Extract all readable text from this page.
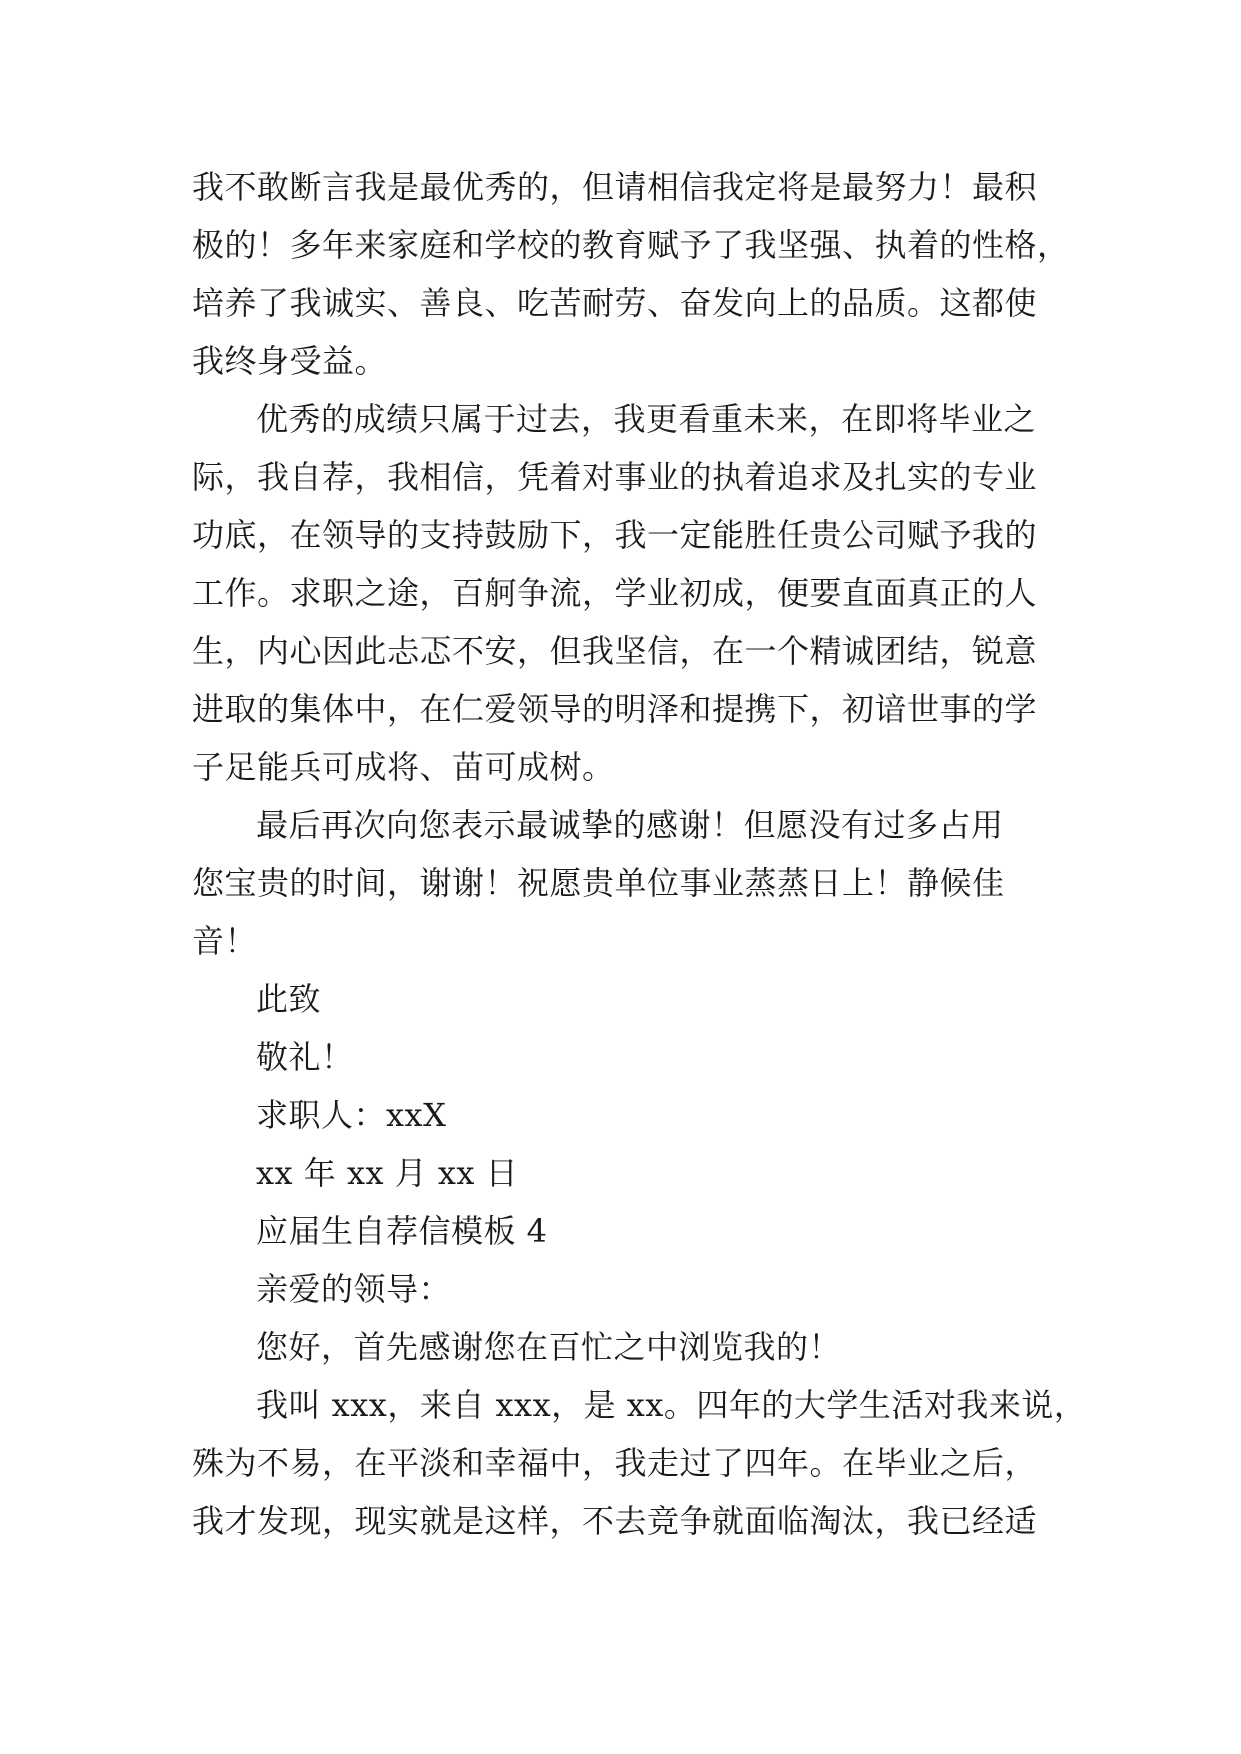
我不敢断言我是最优秀的，但请相信我定将是最努力！最积
极的！多年来家庭和学校的教育赋予了我坚强、执着的性格，
培养了我诚实、善良、吃苦耐劳、奋发向上的品质。这都使
我终身受益。
优秀的成绩只属于过去，我更看重未来，在即将毕业之
际，我自荐，我相信，凭着对事业的执着追求及扎实的专业
功底，在领导的支持鼓励下，我一定能胜任贵公司赋予我的
工作。求职之途，百舸争流，学业初成，便要直面真正的人
生，内心因此忐忑不安，但我坚信，在一个精诚团结，锐意
进取的集体中，在仁爱领导的明泽和提携下，初谙世事的学
子足能兵可成将、苗可成树。
最后再次向您表示最诚挚的感谢！但愿没有过多占用
您宝贵的时间，谢谢！祝愿贵单位事业蒸蒸日上！静候佳
音！
此致
敬礼！
求职人：xxX
xx 年 xx 月 xx 日
应届生自荐信模板 4
亲爱的领导：
您好，首先感谢您在百忙之中浏览我的！
我叫 xxx，来自 xxx，是 xx。四年的大学生活对我来说，
殊为不易，在平淡和幸福中，我走过了四年。在毕业之后，
我才发现，现实就是这样，不去竞争就面临淘汰，我已经适
